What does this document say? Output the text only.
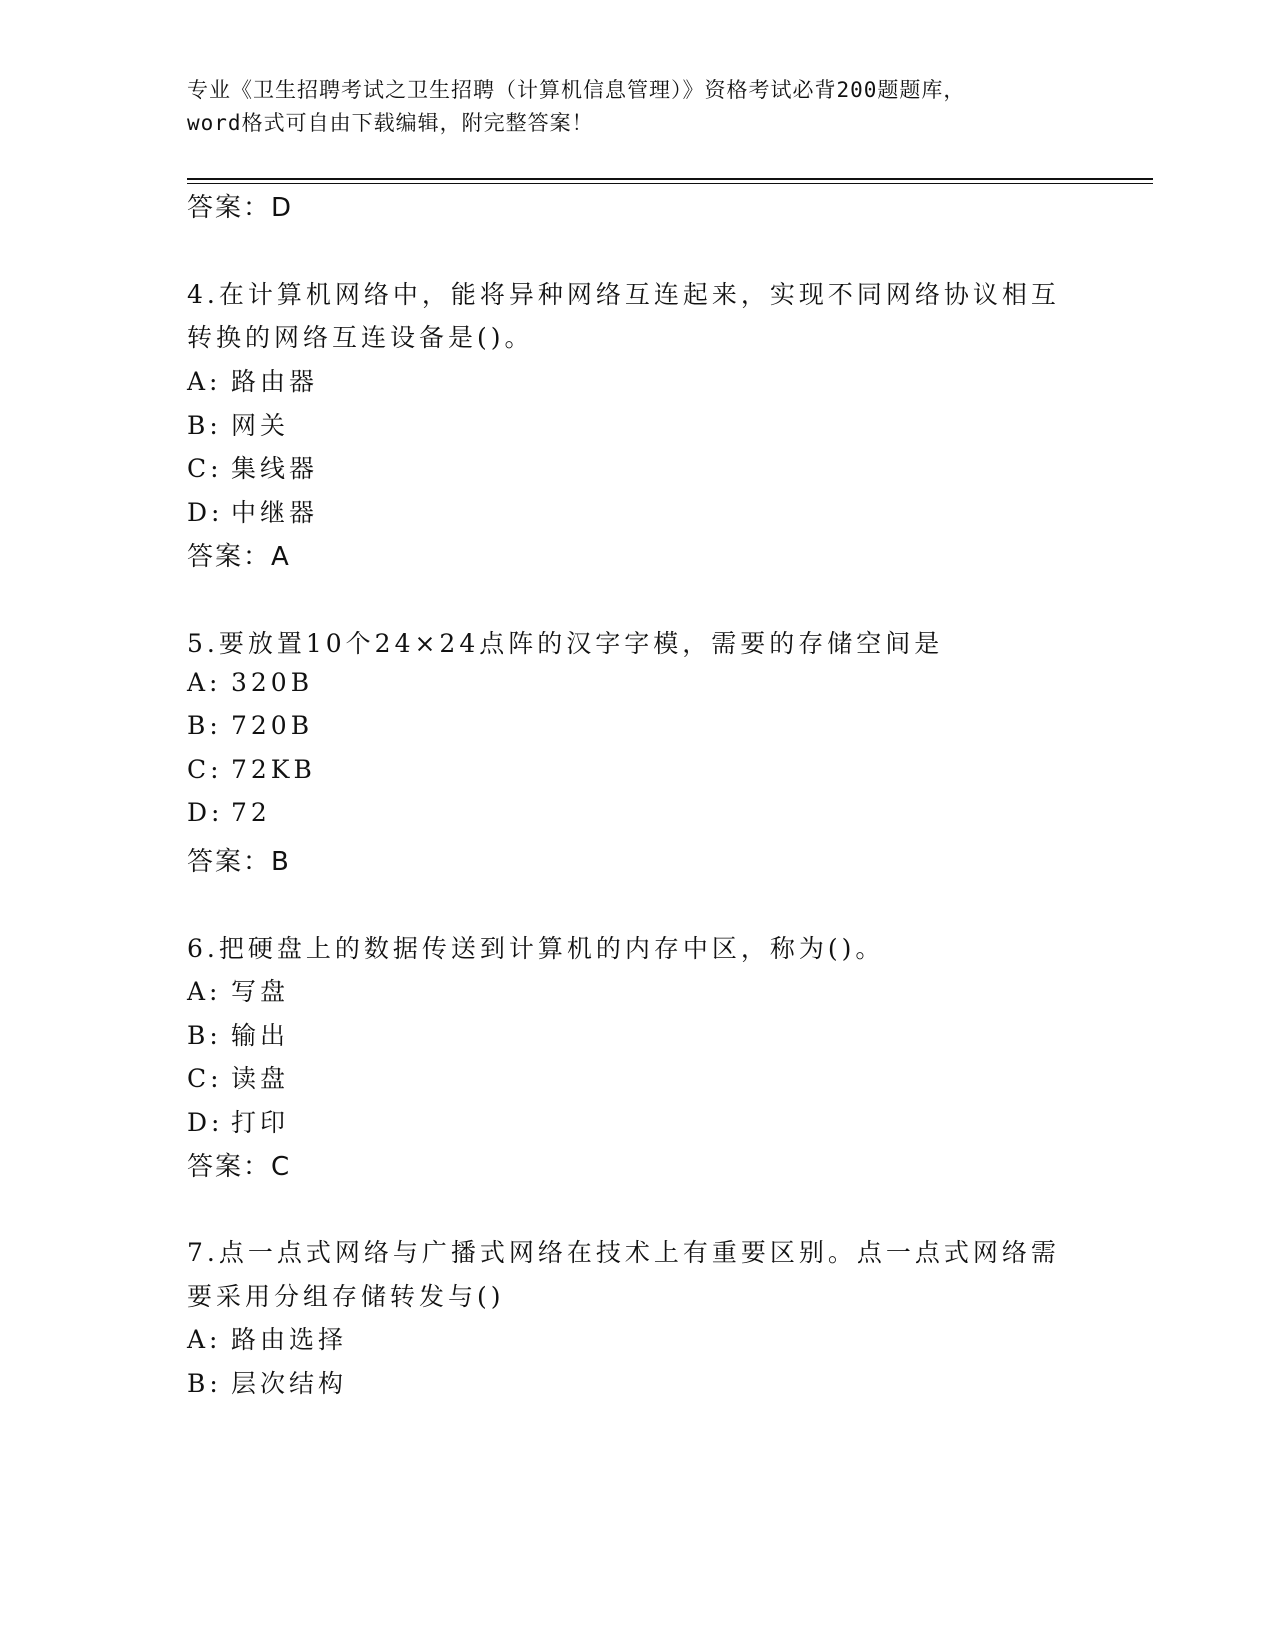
专业《卫生招聘考试之卫生招聘（计算机信息管理）》资格考试必背200题题库，
word格式可自由下载编辑，附完整答案！
答案：D
4.在计算机网络中，能将异种网络互连起来，实现不同网络协议相互
转换的网络互连设备是()。
A: 路由器
B: 网关
C: 集线器
D: 中继器
答案：A
5.要放置10个24×24点阵的汉字字模，需要的存储空间是
A: 320B
B: 720B
C: 72KB
D: 72
答案：B
6.把硬盘上的数据传送到计算机的内存中区，称为()。
A: 写盘
B: 输出
C: 读盘
D: 打印
答案：C
7.点一点式网络与广播式网络在技术上有重要区别。点一点式网络需
要采用分组存储转发与()
A: 路由选择
B: 层次结构
